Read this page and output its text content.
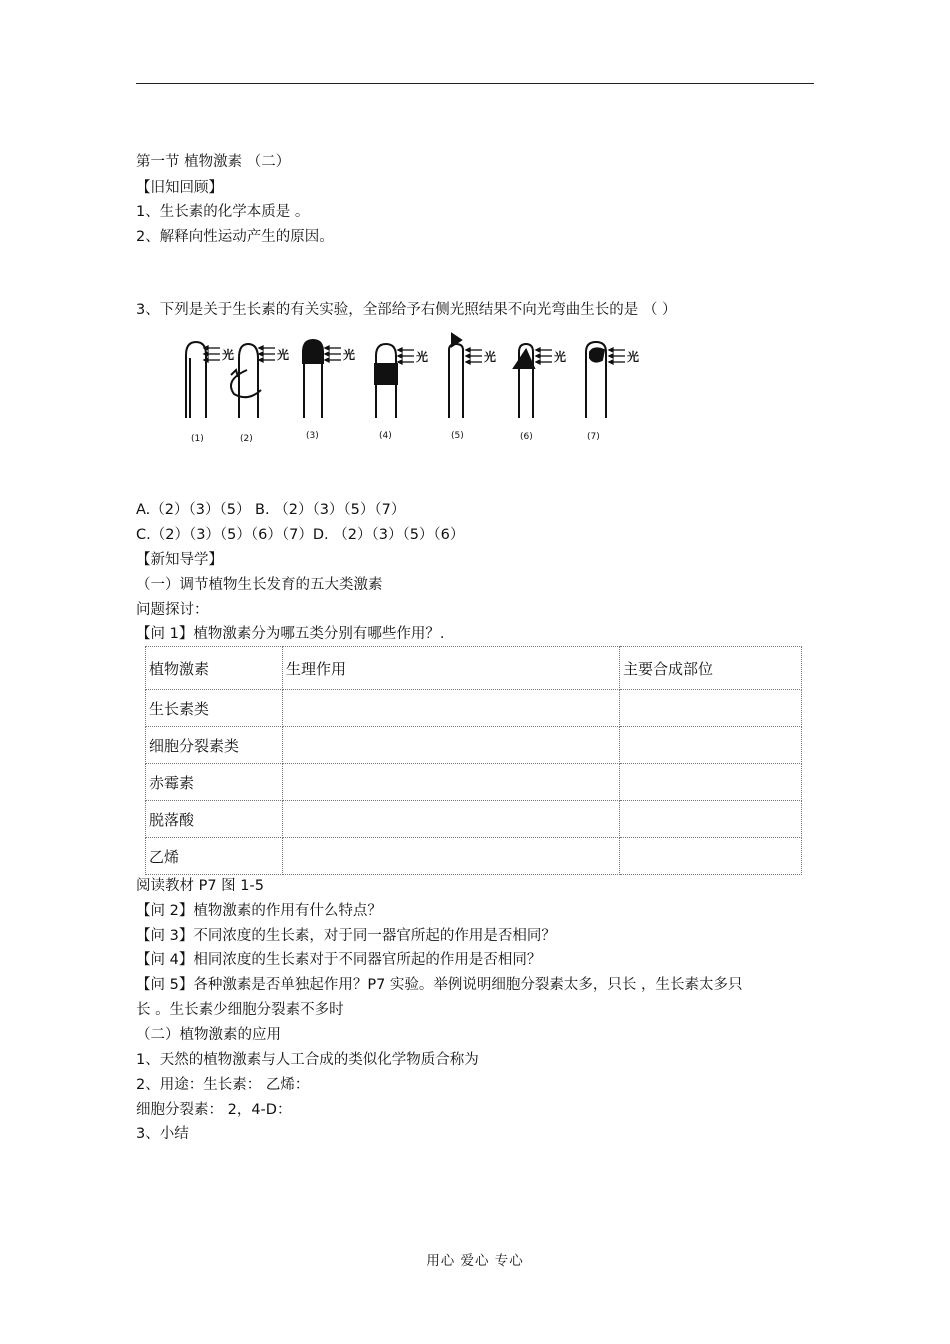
第一节 植物激素 （二）
【旧知回顾】
1、生长素的化学本质是 。
2、解释向性运动产生的原因。
3、下列是关于生长素的有关实验，全部给予右侧光照结果不向光弯曲生长的是 （ ）
光	光	光	光	光	光	光
(1)	(2)	(3)	(4)	(5)	(6)	(7)
A.（2）（3）（5） B. （2）（3）（5）（7）
C.（2）（3）（5）（6）（7）D. （2）（3）（5）（6）
【新知导学】
（一）调节植物生长发育的五大类激素
问题探讨：
【问 1】植物激素分为哪五类分别有哪些作用？.
植物激素	生理作用	主要合成部位
生长素类		
细胞分裂素类		
赤霉素		
脱落酸		
乙烯		
阅读教材 P7 图 1-5
【问 2】植物激素的作用有什么特点？
【问 3】不同浓度的生长素，对于同一器官所起的作用是否相同？
【问 4】相同浓度的生长素对于不同器官所起的作用是否相同？
【问 5】各种激素是否单独起作用？P7 实验。举例说明细胞分裂素太多，只长 ，生长素太多只
长 。生长素少细胞分裂素不多时
（二）植物激素的应用
1、天然的植物激素与人工合成的类似化学物质合称为
2、用途：生长素： 乙烯：
细胞分裂素： 2，4-D：
3、小结
用心 爱心 专心
